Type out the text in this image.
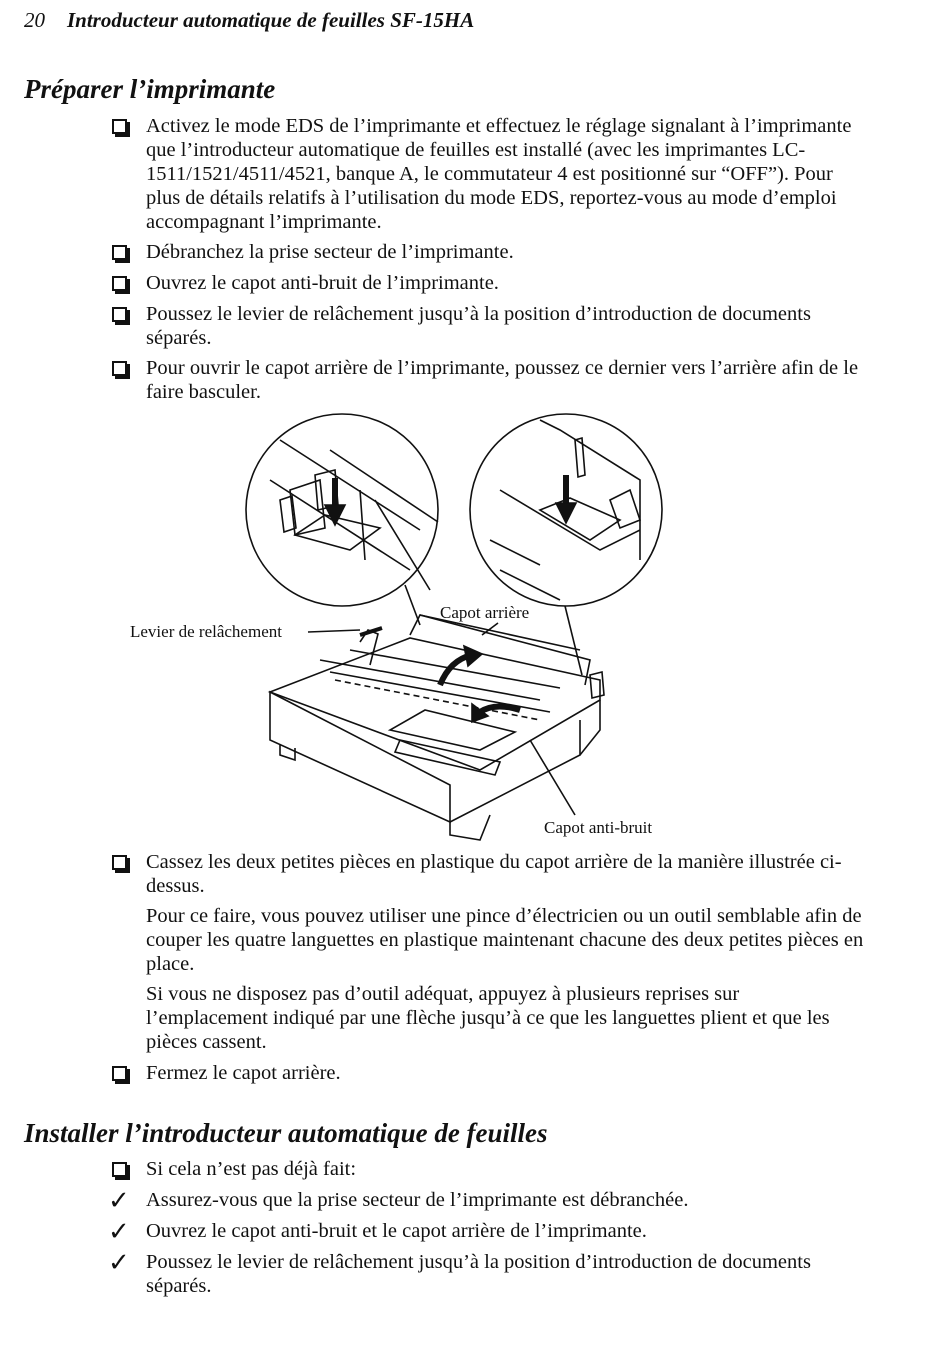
20 Introducteur automatique de feuilles SF-15HA
Préparer l’imprimante
Activez le mode EDS de l’imprimante et effectuez le réglage signalant à l’imprimante que l’introducteur automatique de feuilles est installé (avec les imprimantes LC-1511/1521/4511/4521, banque A, le commutateur 4 est positionné sur “OFF”). Pour plus de détails relatifs à l’utilisation du mode EDS, reportez-vous au mode d’emploi accompagnant l’imprimante.
Débranchez la prise secteur de l’imprimante.
Ouvrez le capot anti-bruit de l’imprimante.
Poussez le levier de relâchement jusqu’à la position d’introduction de documents séparés.
Pour ouvrir le capot arrière de l’imprimante, poussez ce dernier vers l’arrière afin de le faire basculer.
Levier de relâchement
Capot arrière
Capot anti-bruit
Cassez les deux petites pièces en plastique du capot arrière de la manière illustrée ci-dessus.
Pour ce faire, vous pouvez utiliser une pince d’électricien ou un outil semblable afin de couper les quatre languettes en plastique maintenant chacune des deux petites pièces en place.
Si vous ne disposez pas d’outil adéquat, appuyez à plusieurs reprises sur l’emplacement indiqué par une flèche jusqu’à ce que les languettes plient et que les pièces cassent.
Fermez le capot arrière.
Installer l’introducteur automatique de feuilles
Si cela n’est pas déjà fait:
✓ Assurez-vous que la prise secteur de l’imprimante est débranchée.
✓ Ouvrez le capot anti-bruit et le capot arrière de l’imprimante.
✓ Poussez le levier de relâchement jusqu’à la position d’introduction de documents séparés.
